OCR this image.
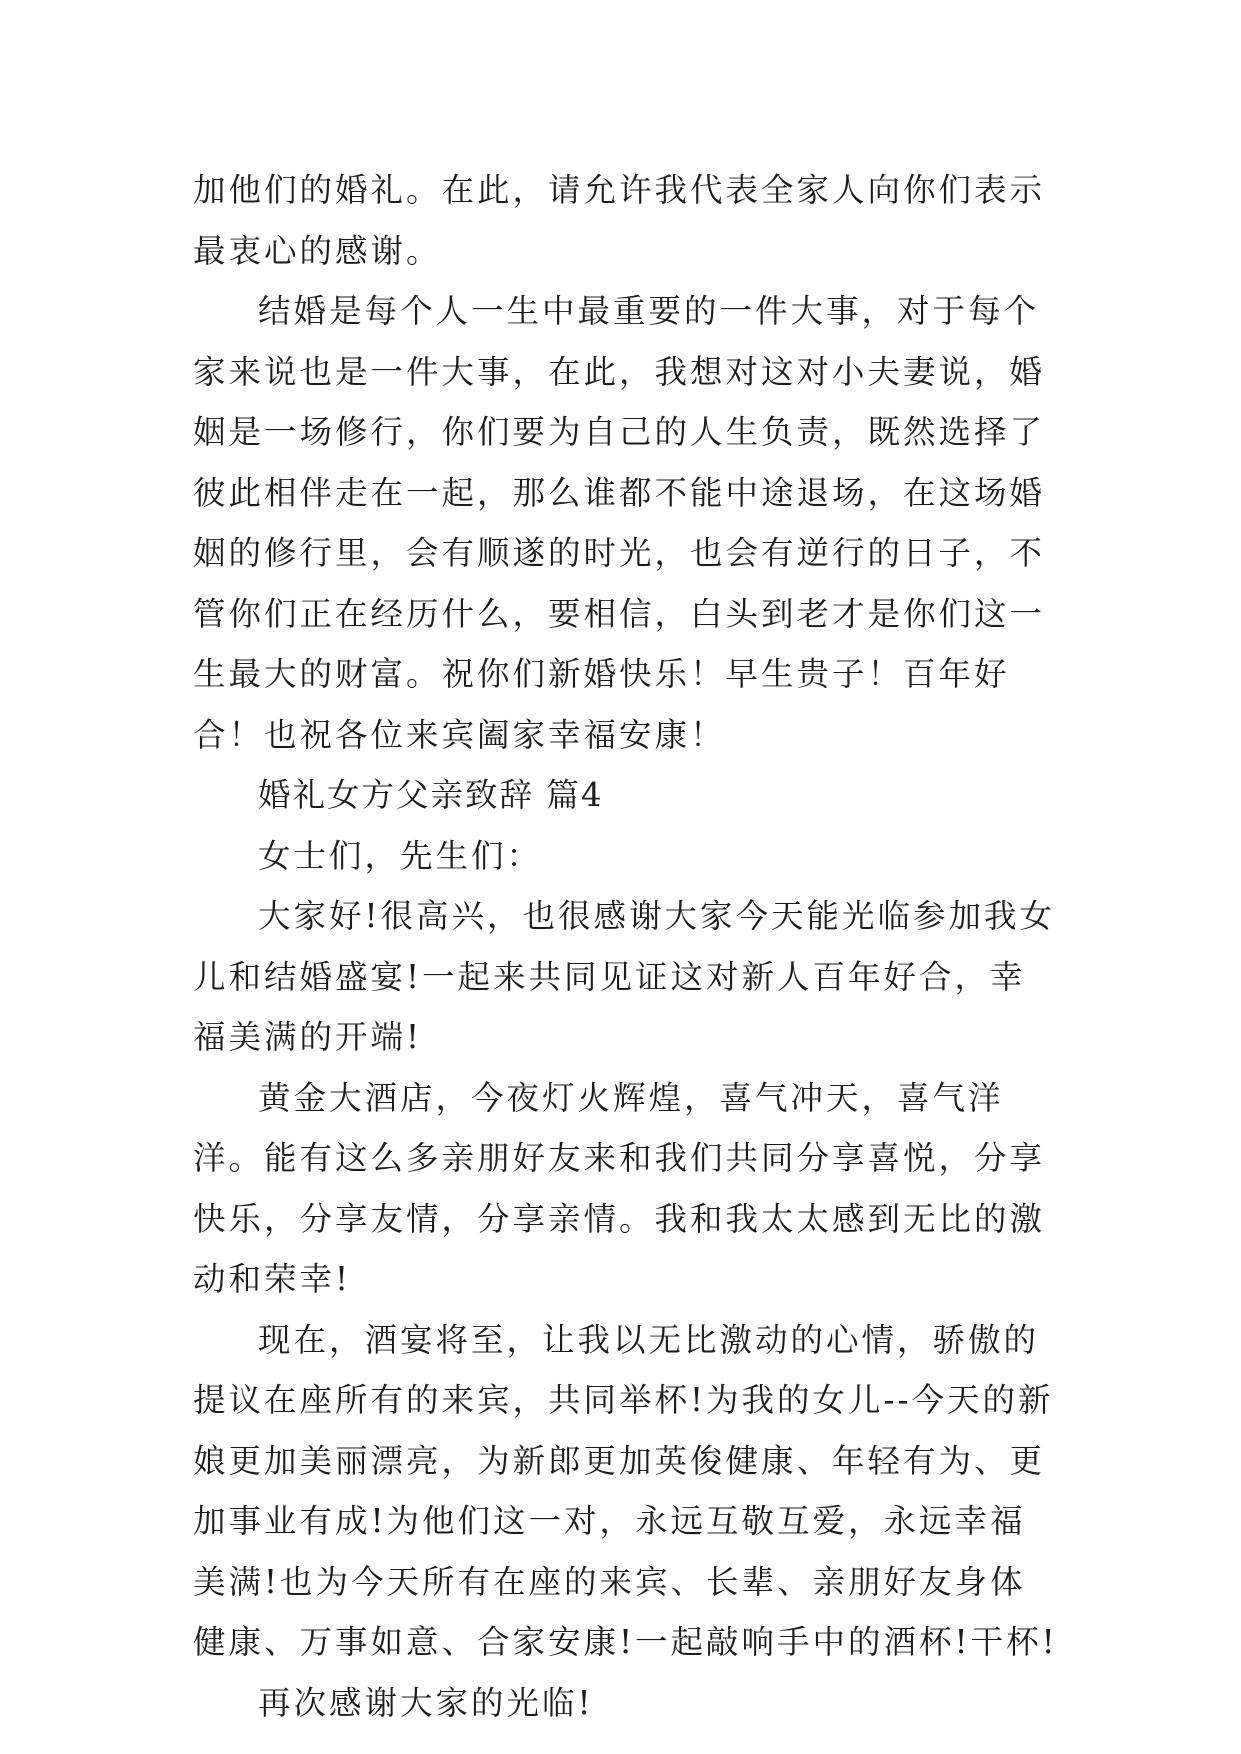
加他们的婚礼。在此，请允许我代表全家人向你们表示最衷心的感谢。

结婚是每个人一生中最重要的一件大事，对于每个家来说也是一件大事，在此，我想对这对小夫妻说，婚姻是一场修行，你们要为自己的人生负责，既然选择了彼此相伴走在一起，那么谁都不能中途退场，在这场婚姻的修行里，会有顺遂的时光，也会有逆行的日子，不管你们正在经历什么，要相信，白头到老才是你们这一生最大的财富。祝你们新婚快乐！早生贵子！百年好合！也祝各位来宾阖家幸福安康！

婚礼女方父亲致辞 篇4

女士们，先生们：

大家好!很高兴，也很感谢大家今天能光临参加我女儿和结婚盛宴!一起来共同见证这对新人百年好合，幸福美满的开端!

黄金大酒店，今夜灯火辉煌，喜气冲天，喜气洋洋。能有这么多亲朋好友来和我们共同分享喜悦，分享快乐，分享友情，分享亲情。我和我太太感到无比的激动和荣幸!

现在，酒宴将至，让我以无比激动的心情，骄傲的提议在座所有的来宾，共同举杯!为我的女儿--今天的新娘更加美丽漂亮，为新郎更加英俊健康、年轻有为、更加事业有成!为他们这一对，永远互敬互爱，永远幸福美满!也为今天所有在座的来宾、长辈、亲朋好友身体健康、万事如意、合家安康!一起敲响手中的酒杯!干杯!

再次感谢大家的光临!
